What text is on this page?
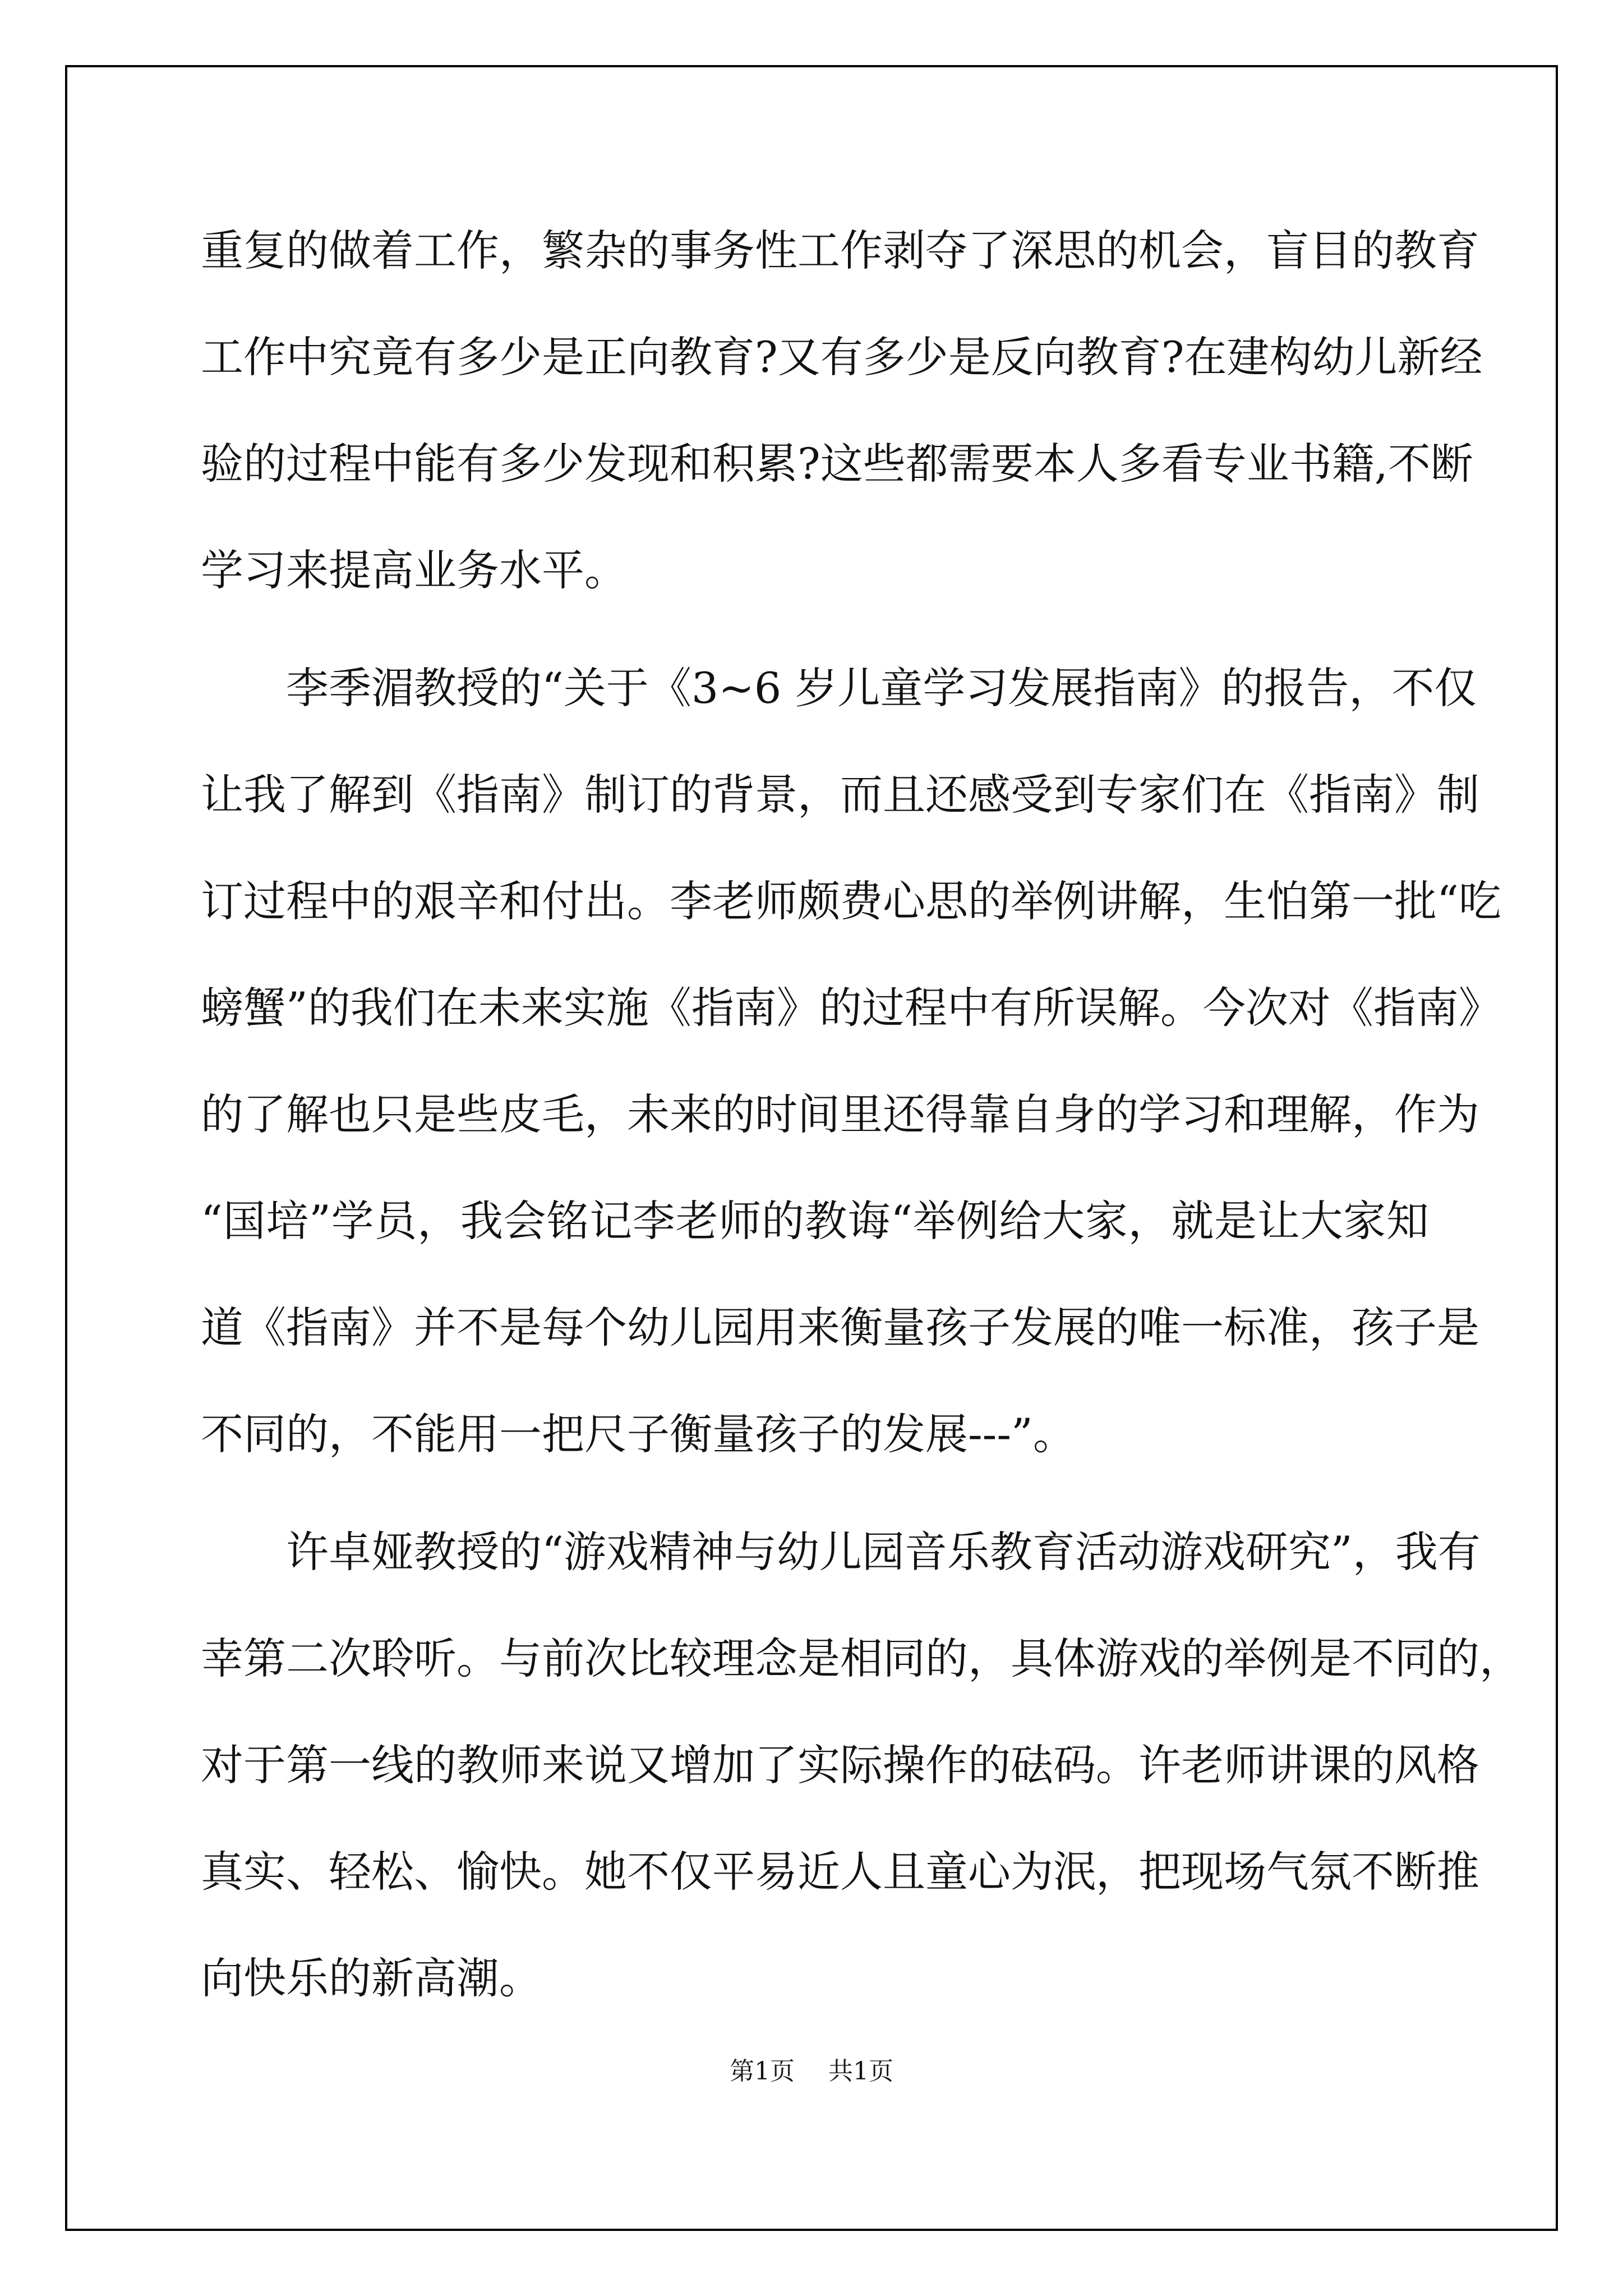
重复的做着工作，繁杂的事务性工作剥夺了深思的机会，盲目的教育
工作中究竟有多少是正向教育?又有多少是反向教育?在建构幼儿新经
验的过程中能有多少发现和积累?这些都需要本人多看专业书籍,不断
学习来提高业务水平。
李季湄教授的“关于《3~6 岁儿童学习发展指南》的报告，不仅
让我了解到《指南》制订的背景，而且还感受到专家们在《指南》制
订过程中的艰辛和付出。李老师颇费心思的举例讲解，生怕第一批“吃
螃蟹”的我们在未来实施《指南》的过程中有所误解。今次对《指南》
的了解也只是些皮毛，未来的时间里还得靠自身的学习和理解，作为
“国培”学员，我会铭记李老师的教诲“举例给大家，就是让大家知
道《指南》并不是每个幼儿园用来衡量孩子发展的唯一标准，孩子是
不同的，不能用一把尺子衡量孩子的发展---”。
许卓娅教授的“游戏精神与幼儿园音乐教育活动游戏研究”，我有
幸第二次聆听。与前次比较理念是相同的，具体游戏的举例是不同的，
对于第一线的教师来说又增加了实际操作的砝码。许老师讲课的风格
真实、轻松、愉快。她不仅平易近人且童心为泯，把现场气氛不断推
向快乐的新高潮。
第1页 共1页
